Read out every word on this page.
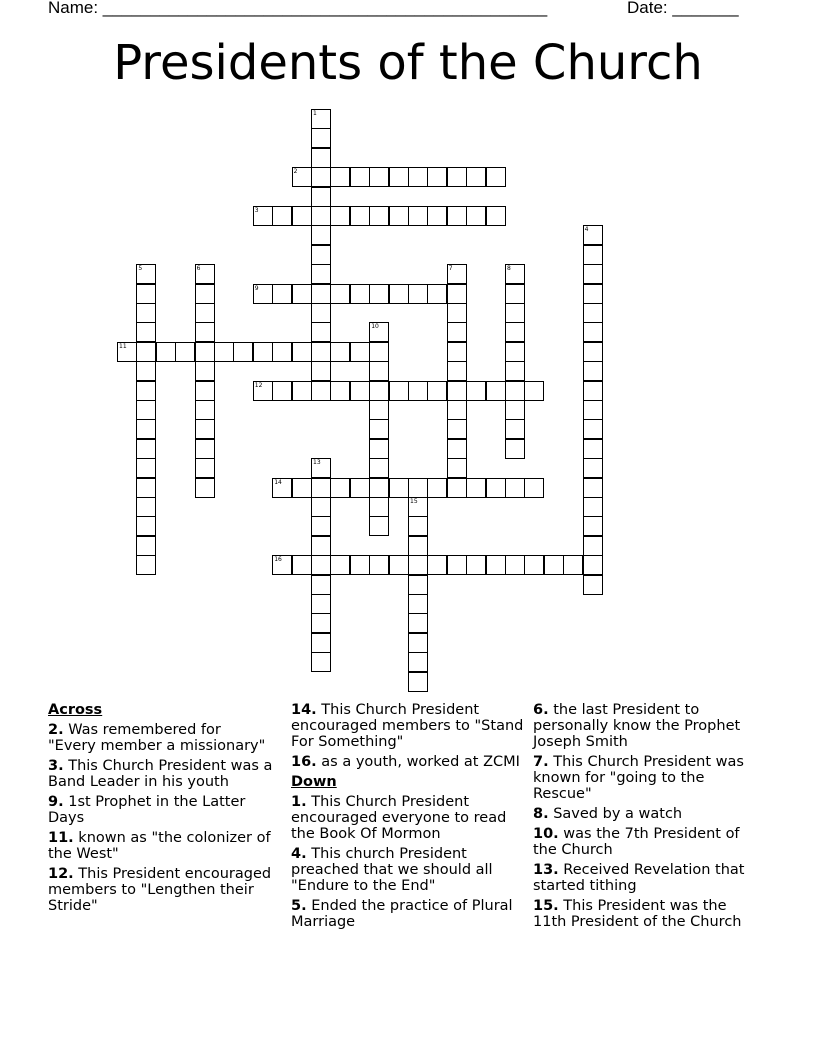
Name: _______________________________________________	Date: _______
Presidents of the Church
2
3
9
11
12
14
16
1
4
5	6	7	8
10
13
15
Across
2. Was remembered for "Every member a missionary"
3. This Church President was a Band Leader in his youth
9. 1st Prophet in the Latter Days
11. known as "the colonizer of the West"
12. This President encouraged members to "Lengthen their Stride"
14. This Church President encouraged members to "Stand For Something"
16. as a youth, worked at ZCMI
Down
1. This Church President encouraged everyone to read the Book Of Mormon
4. This church President preached that we should all "Endure to the End"
5. Ended the practice of Plural Marriage
6. the last President to personally know the Prophet Joseph Smith
7. This Church President was known for "going to the Rescue"
8. Saved by a watch
10. was the 7th President of the Church
13. Received Revelation that started tithing
15. This President was the 11th President of the Church
